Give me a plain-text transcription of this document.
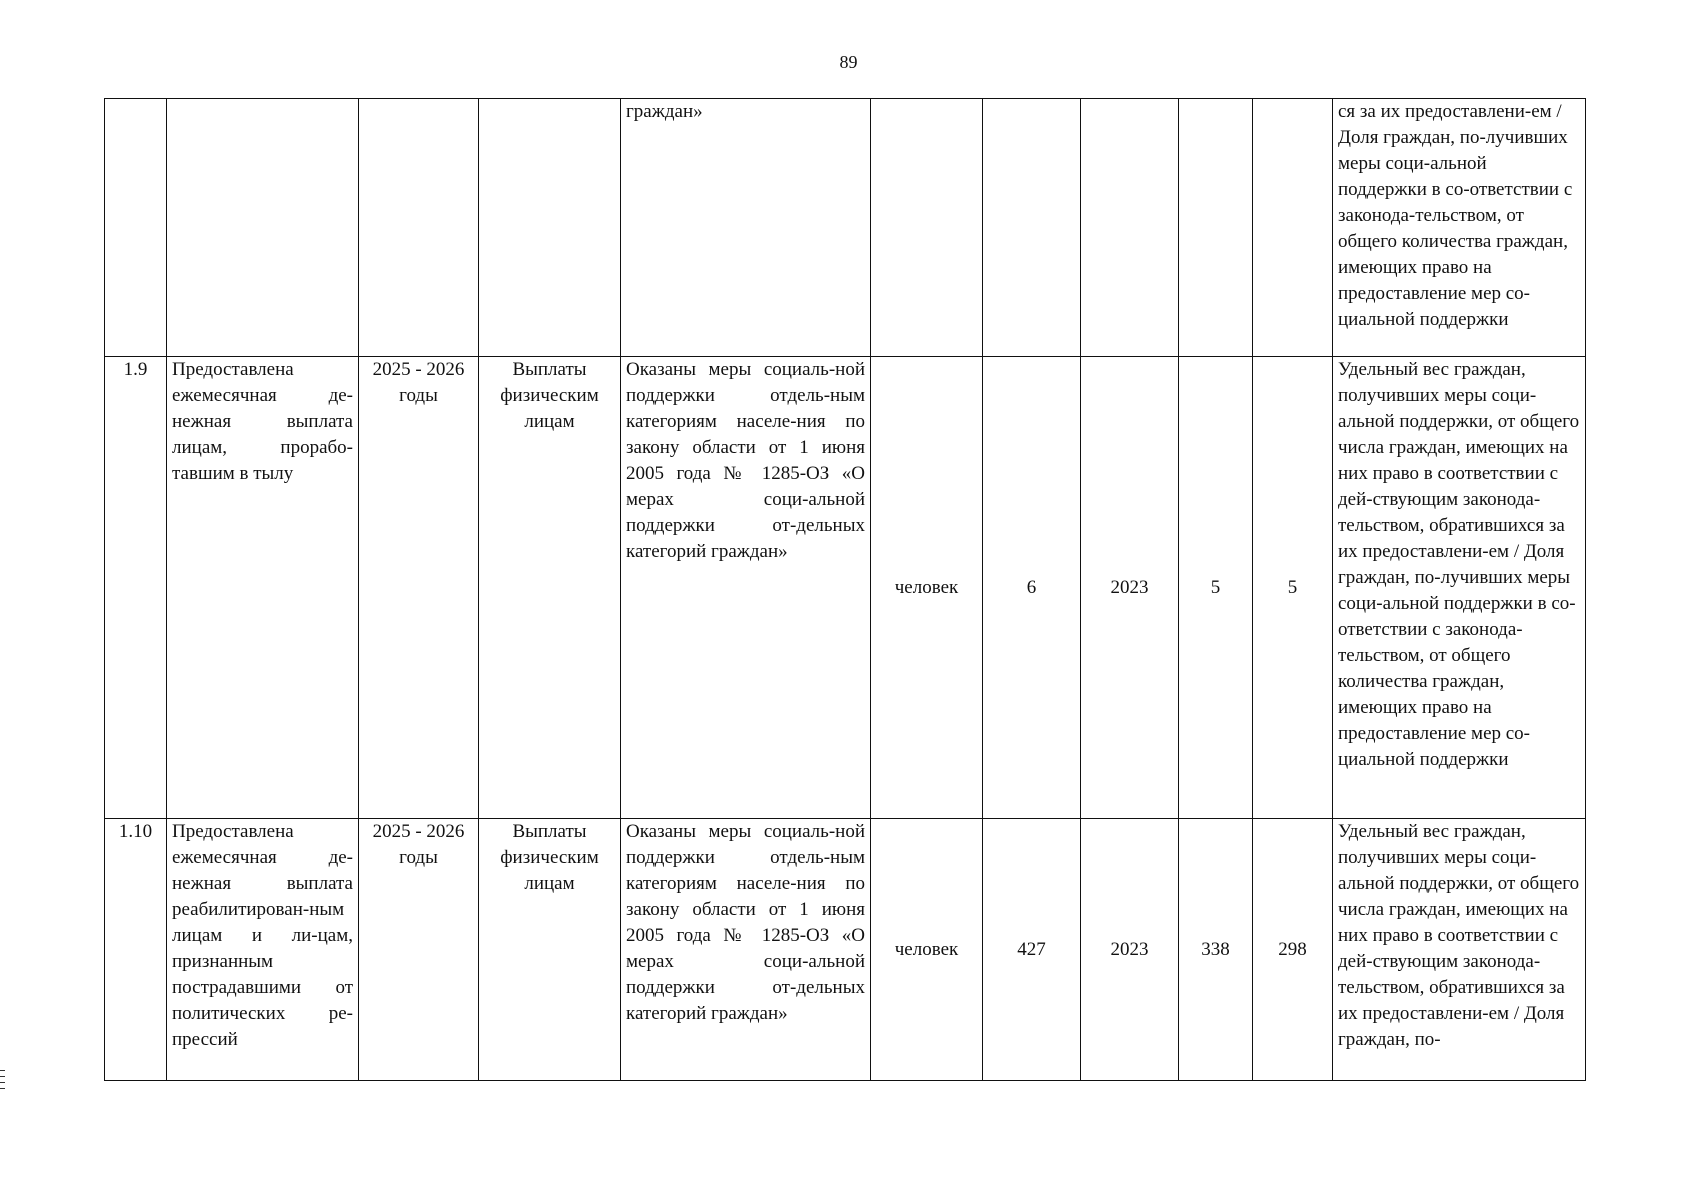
89
				граждан»						ся за их предоставлени-ем / Доля граждан, по-лучивших меры соци-альной поддержки в со-ответствии с законода-тельством, от общего количества граждан, имеющих право на предоставление мер со-циальной поддержки
1.9	Предоставлена ежемесячная де-нежная выплата лицам, прорабо-тавшим в тылу	2025 - 2026 годы	Выплаты физическим лицам	Оказаны меры социаль-ной поддержки отдель-ным категориям населе-ния по закону области от 1 июня 2005 года № 1285-ОЗ «О мерах соци-альной поддержки от-дельных категорий граждан»	человек	6	2023	5	5	Удельный вес граждан, получивших меры соци-альной поддержки, от общего числа граждан, имеющих на них право в соответствии с дей-ствующим законода-тельством, обратившихся за их предоставлени-ем / Доля граждан, по-лучивших меры соци-альной поддержки в со-ответствии с законода-тельством, от общего количества граждан, имеющих право на предоставление мер со-циальной поддержки
1.10	Предоставлена ежемесячная де-нежная выплата реабилитирован-ным лицам и ли-цам, признанным пострадавшими от политических ре-прессий	2025 - 2026 годы	Выплаты физическим лицам	Оказаны меры социаль-ной поддержки отдель-ным категориям населе-ния по закону области от 1 июня 2005 года № 1285-ОЗ «О мерах соци-альной поддержки от-дельных категорий граждан»	человек	427	2023	338	298	Удельный вес граждан, получивших меры соци-альной поддержки, от общего числа граждан, имеющих на них право в соответствии с дей-ствующим законода-тельством, обратившихся за их предоставлени-ем / Доля граждан, по-
